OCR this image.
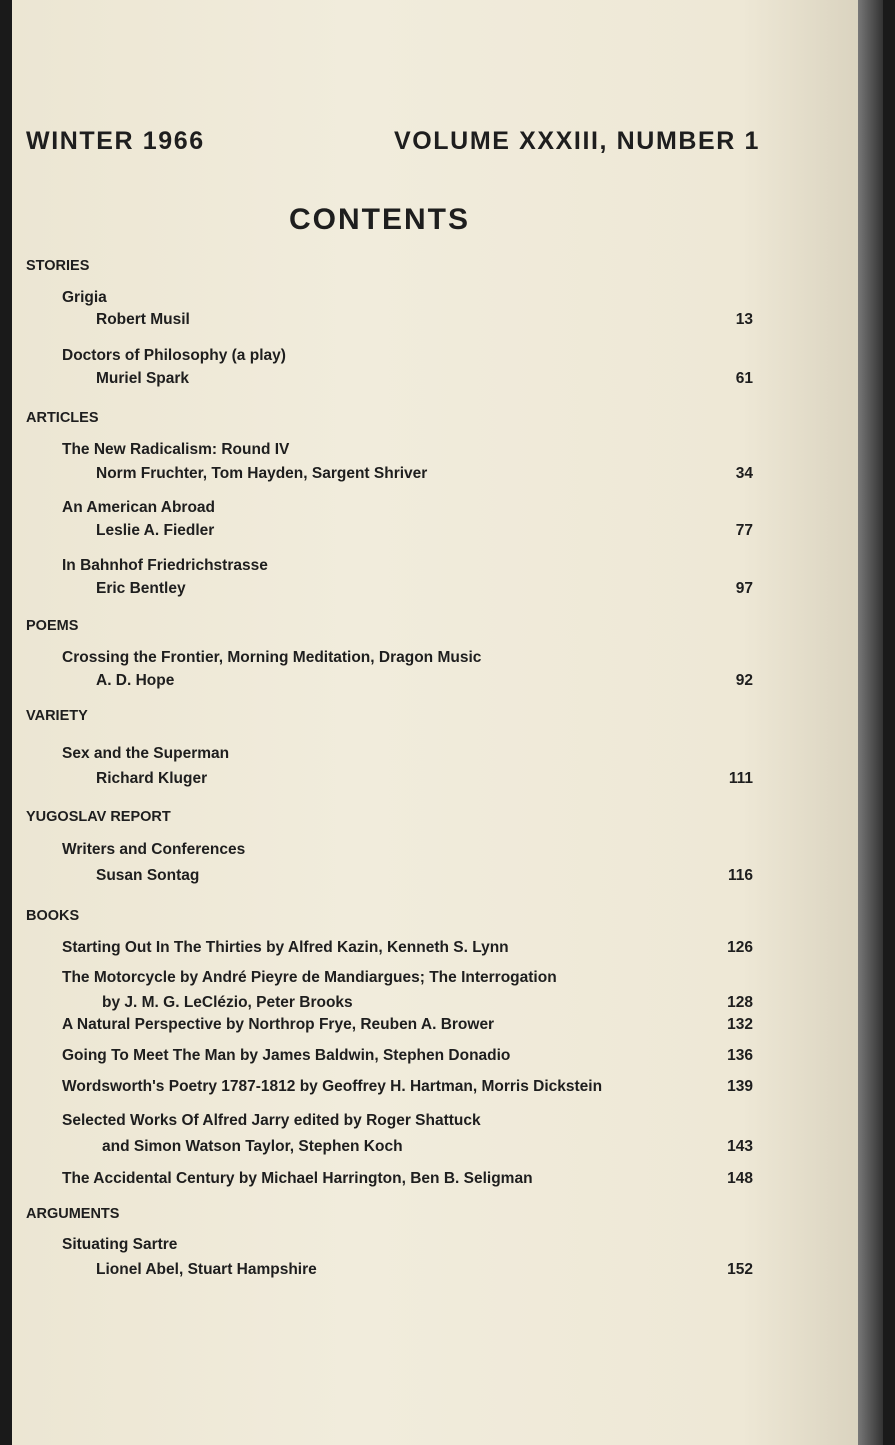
WINTER 1966	VOLUME XXXIII, NUMBER 1
CONTENTS
STORIES
Grigia
Robert Musil	13
Doctors of Philosophy (a play)
Muriel Spark	61
ARTICLES
The New Radicalism: Round IV
Norm Fruchter, Tom Hayden, Sargent Shriver	34
An American Abroad
Leslie A. Fiedler	77
In Bahnhof Friedrichstrasse
Eric Bentley	97
POEMS
Crossing the Frontier, Morning Meditation, Dragon Music
A. D. Hope	92
VARIETY
Sex and the Superman
Richard Kluger	111
YUGOSLAV REPORT
Writers and Conferences
Susan Sontag	116
BOOKS
Starting Out In The Thirties by Alfred Kazin, Kenneth S. Lynn	126
The Motorcycle by André Pieyre de Mandiargues; The Interrogation
by J. M. G. LeClézio, Peter Brooks	128
A Natural Perspective by Northrop Frye, Reuben A. Brower	132
Going To Meet The Man by James Baldwin, Stephen Donadio	136
Wordsworth's Poetry 1787-1812 by Geoffrey H. Hartman, Morris Dickstein	139
Selected Works Of Alfred Jarry edited by Roger Shattuck
and Simon Watson Taylor, Stephen Koch	143
The Accidental Century by Michael Harrington, Ben B. Seligman	148
ARGUMENTS
Situating Sartre
Lionel Abel, Stuart Hampshire	152
